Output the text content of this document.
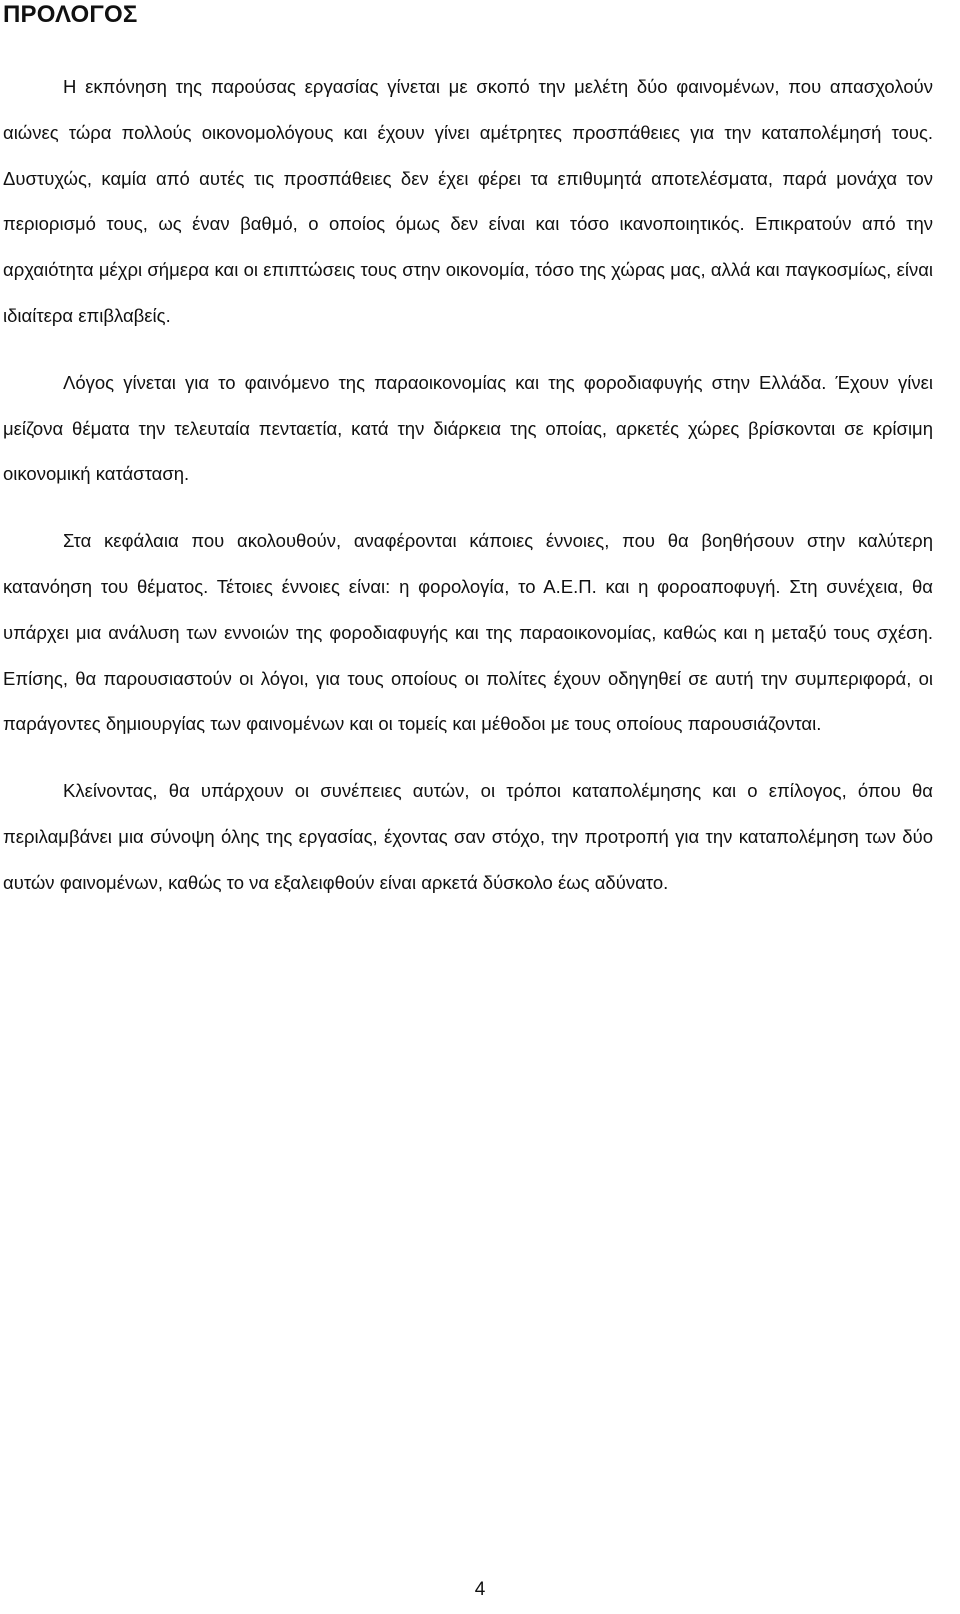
ΠΡΟΛΟΓΟΣ

Η εκπόνηση της παρούσας εργασίας γίνεται με σκοπό την μελέτη δύο φαινομένων, που απασχολούν αιώνες τώρα πολλούς οικονομολόγους και έχουν γίνει αμέτρητες προσπάθειες για την καταπολέμησή τους. Δυστυχώς, καμία από αυτές τις προσπάθειες δεν έχει φέρει τα επιθυμητά αποτελέσματα, παρά μονάχα τον περιορισμό τους, ως έναν βαθμό, ο οποίος όμως δεν είναι και τόσο ικανοποιητικός. Επικρατούν από την αρχαιότητα μέχρι σήμερα και οι επιπτώσεις τους στην οικονομία, τόσο της χώρας μας, αλλά και παγκοσμίως, είναι ιδιαίτερα επιβλαβείς.

Λόγος γίνεται για το φαινόμενο της παραοικονομίας και της φοροδιαφυγής στην Ελλάδα. Έχουν γίνει μείζονα θέματα την τελευταία πενταετία, κατά την διάρκεια της οποίας, αρκετές χώρες βρίσκονται σε κρίσιμη οικονομική κατάσταση.

Στα κεφάλαια που ακολουθούν, αναφέρονται κάποιες έννοιες, που θα βοηθήσουν στην καλύτερη κατανόηση του θέματος. Τέτοιες έννοιες είναι: η φορολογία, το Α.Ε.Π. και η φοροαποφυγή. Στη συνέχεια, θα υπάρχει μια ανάλυση των εννοιών της φοροδιαφυγής και της παραοικονομίας, καθώς και η μεταξύ τους σχέση. Επίσης, θα παρουσιαστούν οι λόγοι, για τους οποίους οι πολίτες έχουν οδηγηθεί σε αυτή την συμπεριφορά, οι παράγοντες δημιουργίας των φαινομένων και οι τομείς και μέθοδοι με τους οποίους παρουσιάζονται.

Κλείνοντας, θα υπάρχουν οι συνέπειες αυτών, οι τρόποι καταπολέμησης και ο επίλογος, όπου θα περιλαμβάνει μια σύνοψη όλης της εργασίας, έχοντας σαν στόχο, την προτροπή για την καταπολέμηση των δύο αυτών φαινομένων, καθώς το να εξαλειφθούν είναι αρκετά δύσκολο έως αδύνατο.

4
